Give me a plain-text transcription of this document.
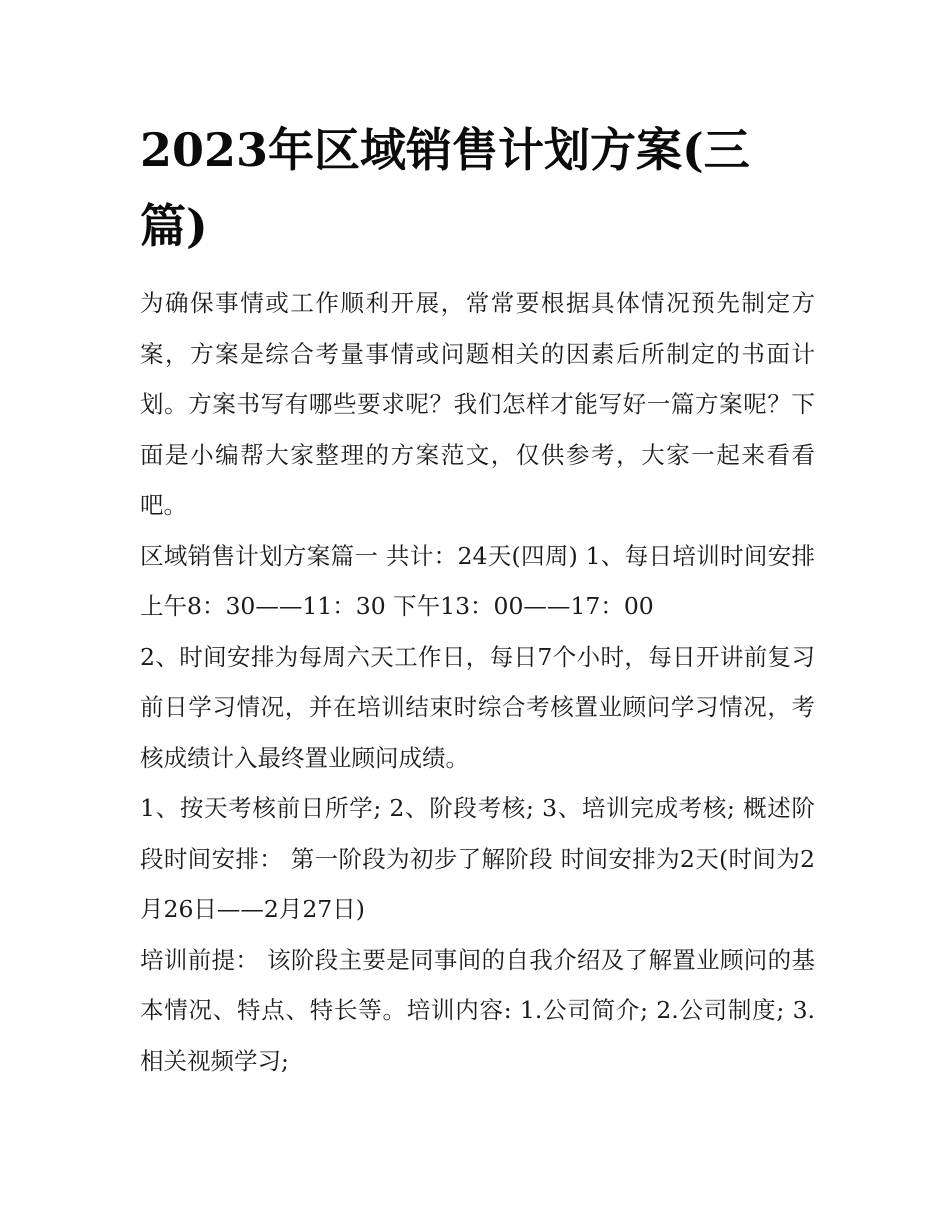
2023年区域销售计划方案(三篇)

为确保事情或工作顺利开展，常常要根据具体情况预先制定方案，方案是综合考量事情或问题相关的因素后所制定的书面计划。方案书写有哪些要求呢？我们怎样才能写好一篇方案呢？下面是小编帮大家整理的方案范文，仅供参考，大家一起来看看吧。

区域销售计划方案篇一 共计：24天(四周) 1、每日培训时间安排上午8：30——11：30 下午13：00——17：00

2、时间安排为每周六天工作日，每日7个小时，每日开讲前复习前日学习情况，并在培训结束时综合考核置业顾问学习情况，考核成绩计入最终置业顾问成绩。

1、按天考核前日所学; 2、阶段考核; 3、培训完成考核; 概述阶段时间安排： 第一阶段为初步了解阶段 时间安排为2天(时间为2月26日——2月27日)

培训前提： 该阶段主要是同事间的自我介绍及了解置业顾问的基本情况、特点、特长等。培训内容: 1.公司简介; 2.公司制度; 3.相关视频学习;
